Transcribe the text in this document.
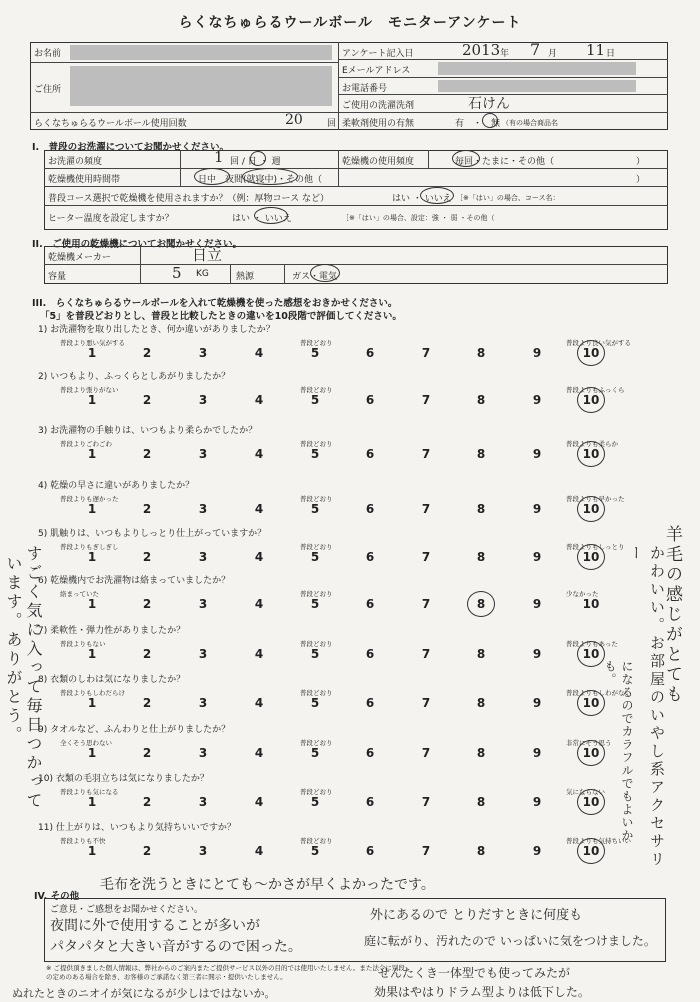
らくなちゅらるウールボール　モニターアンケート
お名前
ご住所
らくなちゅらるウールボール使用回数	20	回
アンケート記入日	2013 年 7 月 11 日
Eメールアドレス
お電話番号
ご使用の洗濯洗剤	石けん
柔軟剤使用の有無	有　・　無 （有の場合商品名
I.　普段のお洗濯についてお聞かせください。
お洗濯の頻度	1 回 / 日 ・ 週	乾燥機の使用頻度	毎回・たまに・その他（	）
乾燥機使用時間帯	日中　夜間(就寝中)・その他（	）
普段コース選択で乾燥機を使用されますか？（例：厚物コース など）	はい ・ いいえ ［※「はい」の場合、コース名：
ヒーター温度を設定しますか？	はい ・ いいえ	［※「はい」の場合、設定：強 ・ 弱 ・その他（
II.　ご使用の乾燥機についてお聞かせください。
乾燥機メーカー	日立
容量	5 KG	熱源	ガス・電気
III.　らくなちゅらるウールボールを入れて乾燥機を使った感想をおきかせください。
「5」を普段どおりとし、普段と比較したときの違いを10段階で評価してください。
1) お洗濯物を取り出したとき、何か違いがありましたか？
普段より悪い気がする	普段どおり	普段より良い気がする
1	2	3	4	5	6	7	8	9	10
2) いつもより、ふっくらとしあがりましたか？
普段より張りがない	普段どおり	普段よりもふっくら
1	2	3	4	5	6	7	8	9	10
3) お洗濯物の手触りは、いつもより柔らかでしたか？
普段よりごわごわ	普段どおり	普段よりも柔らか
1	2	3	4	5	6	7	8	9	10
4) 乾燥の早さに違いがありましたか？
普段よりも遅かった	普段どおり	普段よりも早かった
1	2	3	4	5	6	7	8	9	10
5) 肌触りは、いつもよりしっとり仕上がっていますか？
普段よりもぎしぎし	普段どおり	普段よりもしっとり
1	2	3	4	5	6	7	8	9	10
6) 乾燥機内でお洗濯物は絡まっていましたか？
絡まっていた	普段どおり	少なかった
1	2	3	4	5	6	7	8	9	10
7) 柔軟性・弾力性がありましたか？
普段よりもない	普段どおり	普段よりもあった
1	2	3	4	5	6	7	8	9	10
8) 衣類のしわは気になりましたか？
普段よりもしわだらけ	普段どおり	普段よりもしわがない
1	2	3	4	5	6	7	8	9	10
9) タオルなど、ふんわりと仕上がりましたか？
全くそう思わない	普段どおり	非常にそう思う
1	2	3	4	5	6	7	8	9	10
10) 衣類の毛羽立ちは気になりましたか？
普段よりも気になる	普段どおり	気にならない
1	2	3	4	5	6	7	8	9	10
11) 仕上がりは、いつもより気持ちいいですか？
普段よりも不快	普段どおり	普段よりも気持ちいい
1	2	3	4	5	6	7	8	9	10
羊毛の感じがとても
かわいい。お部屋のいやし系アクセサリー
になるのでカラフルでもよいかも。
すごく気に入って毎日つかって
います。ありがとう。
IV. その他
ご意見・ご感想をお聞かせください。
毛布を洗うときにとても〜かさが早くよかったです。
夜間に外で使用することが多いが
パタパタと大きい音がするので困った。
外にあるので とりだすときに何度も
庭に転がり、汚れたので いっぱいに気をつけました。
※ ご提供頂きました個人情報は、弊社からのご案内またご提供サービス以外の目的では使用いたしません。また法令に別段の定めのある場合を除き、お客様のご承諾なく第三者に開示・提供いたしません。
ぬれたときのニオイが気になるが少しはではないか。
せんたくき一体型でも使ってみたが
効果はやはりドラム型よりは低下した。
